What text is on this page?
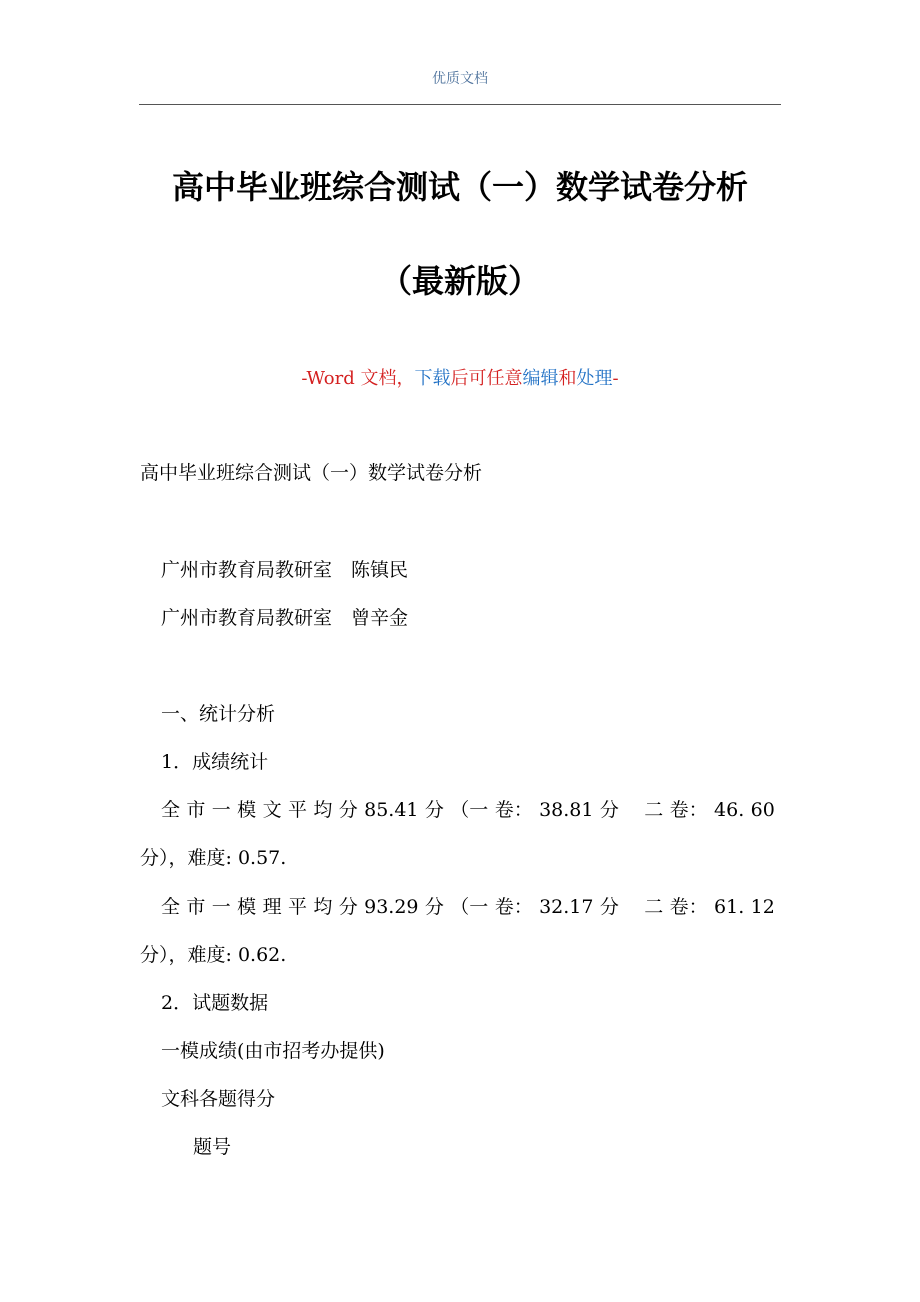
优质文档
高中毕业班综合测试（一）数学试卷分析
（最新版）
-Word 文档，下载后可任意编辑和处理-
高中毕业班综合测试（一）数学试卷分析
广州市教育局教研室　陈镇民
广州市教育局教研室　曾辛金
一、统计分析
1．成绩统计
全 市 一 模 文 平 均 分 85.41 分 （一 卷： 38.81 分　 二 卷： 46. 60
分），难度: 0.57.
全 市 一 模 理 平 均 分 93.29 分 （一 卷： 32.17 分　 二 卷： 61. 12
分），难度: 0.62.
2．试题数据
一模成绩(由市招考办提供)
文科各题得分
题号
